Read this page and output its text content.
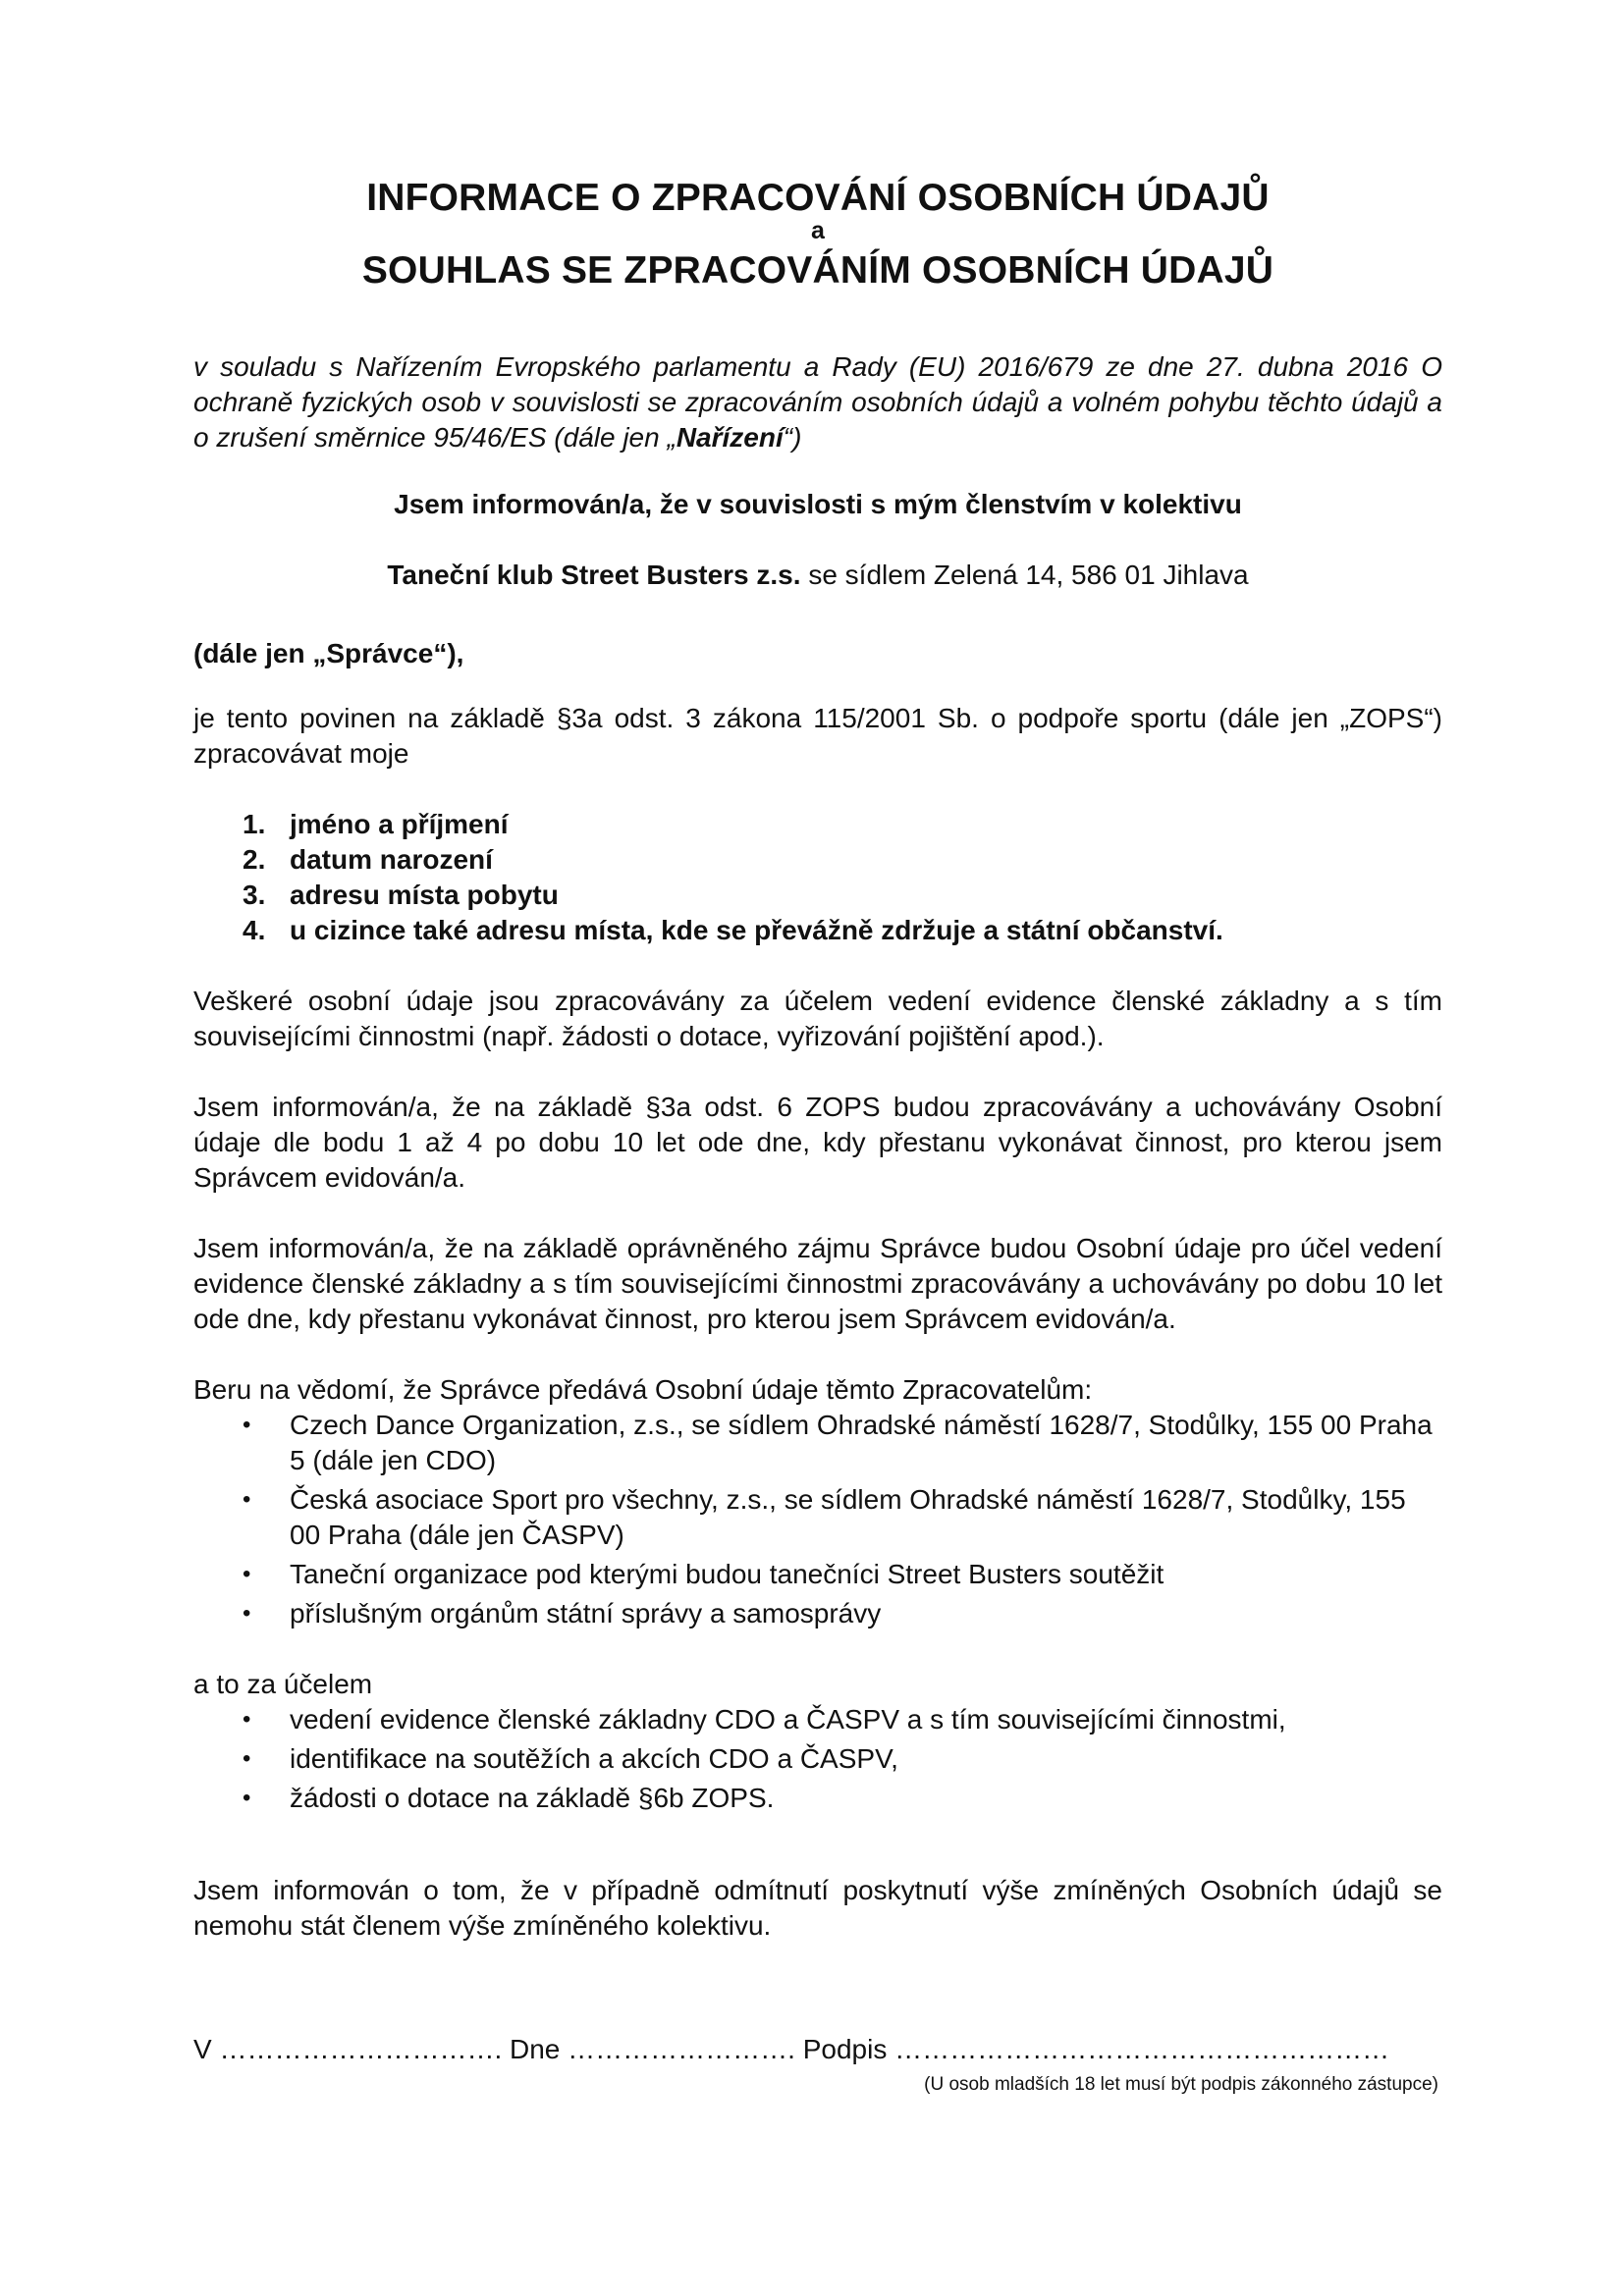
INFORMACE O ZPRACOVÁNÍ OSOBNÍCH ÚDAJŮ
a
SOUHLAS SE ZPRACOVÁNÍM OSOBNÍCH ÚDAJŮ

v souladu s Nařízením Evropského parlamentu a Rady (EU) 2016/679 ze dne 27. dubna 2016 O ochraně fyzických osob v souvislosti se zpracováním osobních údajů a volném pohybu těchto údajů a o zrušení směrnice 95/46/ES (dále jen „Nařízení“)

Jsem informován/a, že v souvislosti s mým členstvím v kolektivu

Taneční klub Street Busters z.s. se sídlem Zelená 14, 586 01 Jihlava

(dále jen „Správce“),

je tento povinen na základě §3a odst. 3 zákona 115/2001 Sb. o podpoře sportu (dále jen „ZOPS“) zpracovávat moje

1. jméno a příjmení
2. datum narození
3. adresu místa pobytu
4. u cizince také adresu místa, kde se převážně zdržuje a státní občanství.

Veškeré osobní údaje jsou zpracovávány za účelem vedení evidence členské základny a s tím souvisejícími činnostmi (např. žádosti o dotace, vyřizování pojištění apod.).

Jsem informován/a, že na základě §3a odst. 6 ZOPS budou zpracovávány a uchovávány Osobní údaje dle bodu 1 až 4 po dobu 10 let ode dne, kdy přestanu vykonávat činnost, pro kterou jsem Správcem evidován/a.

Jsem informován/a, že na základě oprávněného zájmu Správce budou Osobní údaje pro účel vedení evidence členské základny a s tím souvisejícími činnostmi zpracovávány a uchovávány po dobu 10 let ode dne, kdy přestanu vykonávat činnost, pro kterou jsem Správcem evidován/a.

Beru na vědomí, že Správce předává Osobní údaje těmto Zpracovatelům:

•	Czech Dance Organization, z.s., se sídlem Ohradské náměstí 1628/7, Stodůlky, 155 00 Praha 5 (dále jen CDO)
•	Česká asociace Sport pro všechny, z.s., se sídlem Ohradské náměstí 1628/7, Stodůlky, 155 00 Praha (dále jen ČASPV)
•	Taneční organizace pod kterými budou tanečníci Street Busters soutěžit
•	příslušným orgánům státní správy a samosprávy

a to za účelem

•	vedení evidence členské základny CDO a ČASPV a s tím souvisejícími činnostmi,
•	identifikace na soutěžích a akcích CDO a ČASPV,
•	žádosti o dotace na základě §6b ZOPS.

Jsem informován o tom, že v případně odmítnutí poskytnutí výše zmíněných Osobních údajů se nemohu stát členem výše zmíněného kolektivu.

V …………………………. Dne ……………………. Podpis ………………………………………………

(U osob mladších 18 let musí být podpis zákonného zástupce)
